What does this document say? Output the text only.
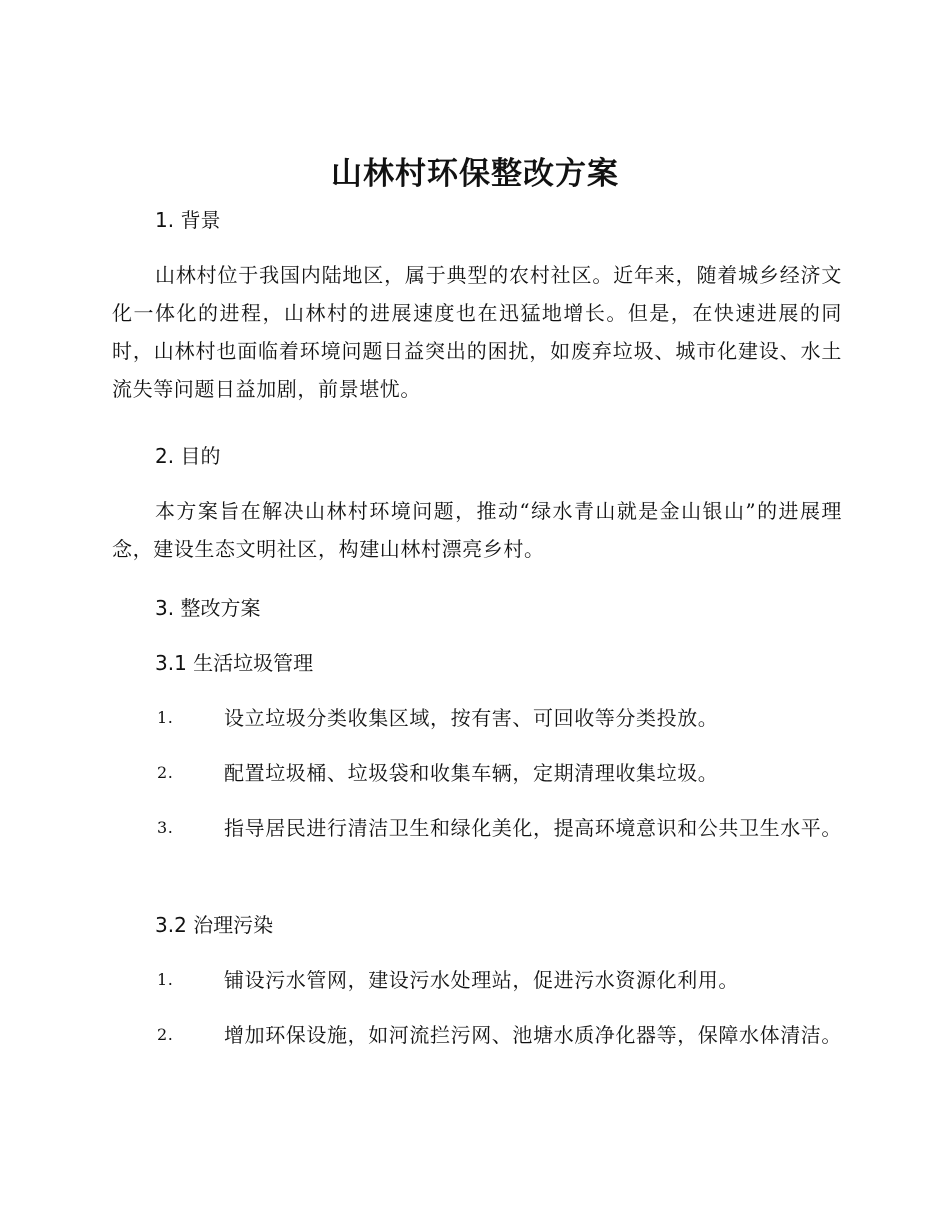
山林村环保整改方案
1. 背景

山林村位于我国内陆地区，属于典型的农村社区。近年来，随着城乡经济文化一体化的进程，山林村的进展速度也在迅猛地增长。但是，在快速进展的同时，山林村也面临着环境问题日益突出的困扰，如废弃垃圾、城市化建设、水土流失等问题日益加剧，前景堪忧。

2. 目的

本方案旨在解决山林村环境问题，推动“绿水青山就是金山银山”的进展理念，建设生态文明社区，构建山林村漂亮乡村。

3. 整改方案
3.1 生活垃圾管理
1.	设立垃圾分类收集区域，按有害、可回收等分类投放。
2.	配置垃圾桶、垃圾袋和收集车辆，定期清理收集垃圾。
3.	指导居民进行清洁卫生和绿化美化，提高环境意识和公共卫生水平。
3.2 治理污染
1.	铺设污水管网，建设污水处理站，促进污水资源化利用。
2.	增加环保设施，如河流拦污网、池塘水质净化器等，保障水体清洁。
